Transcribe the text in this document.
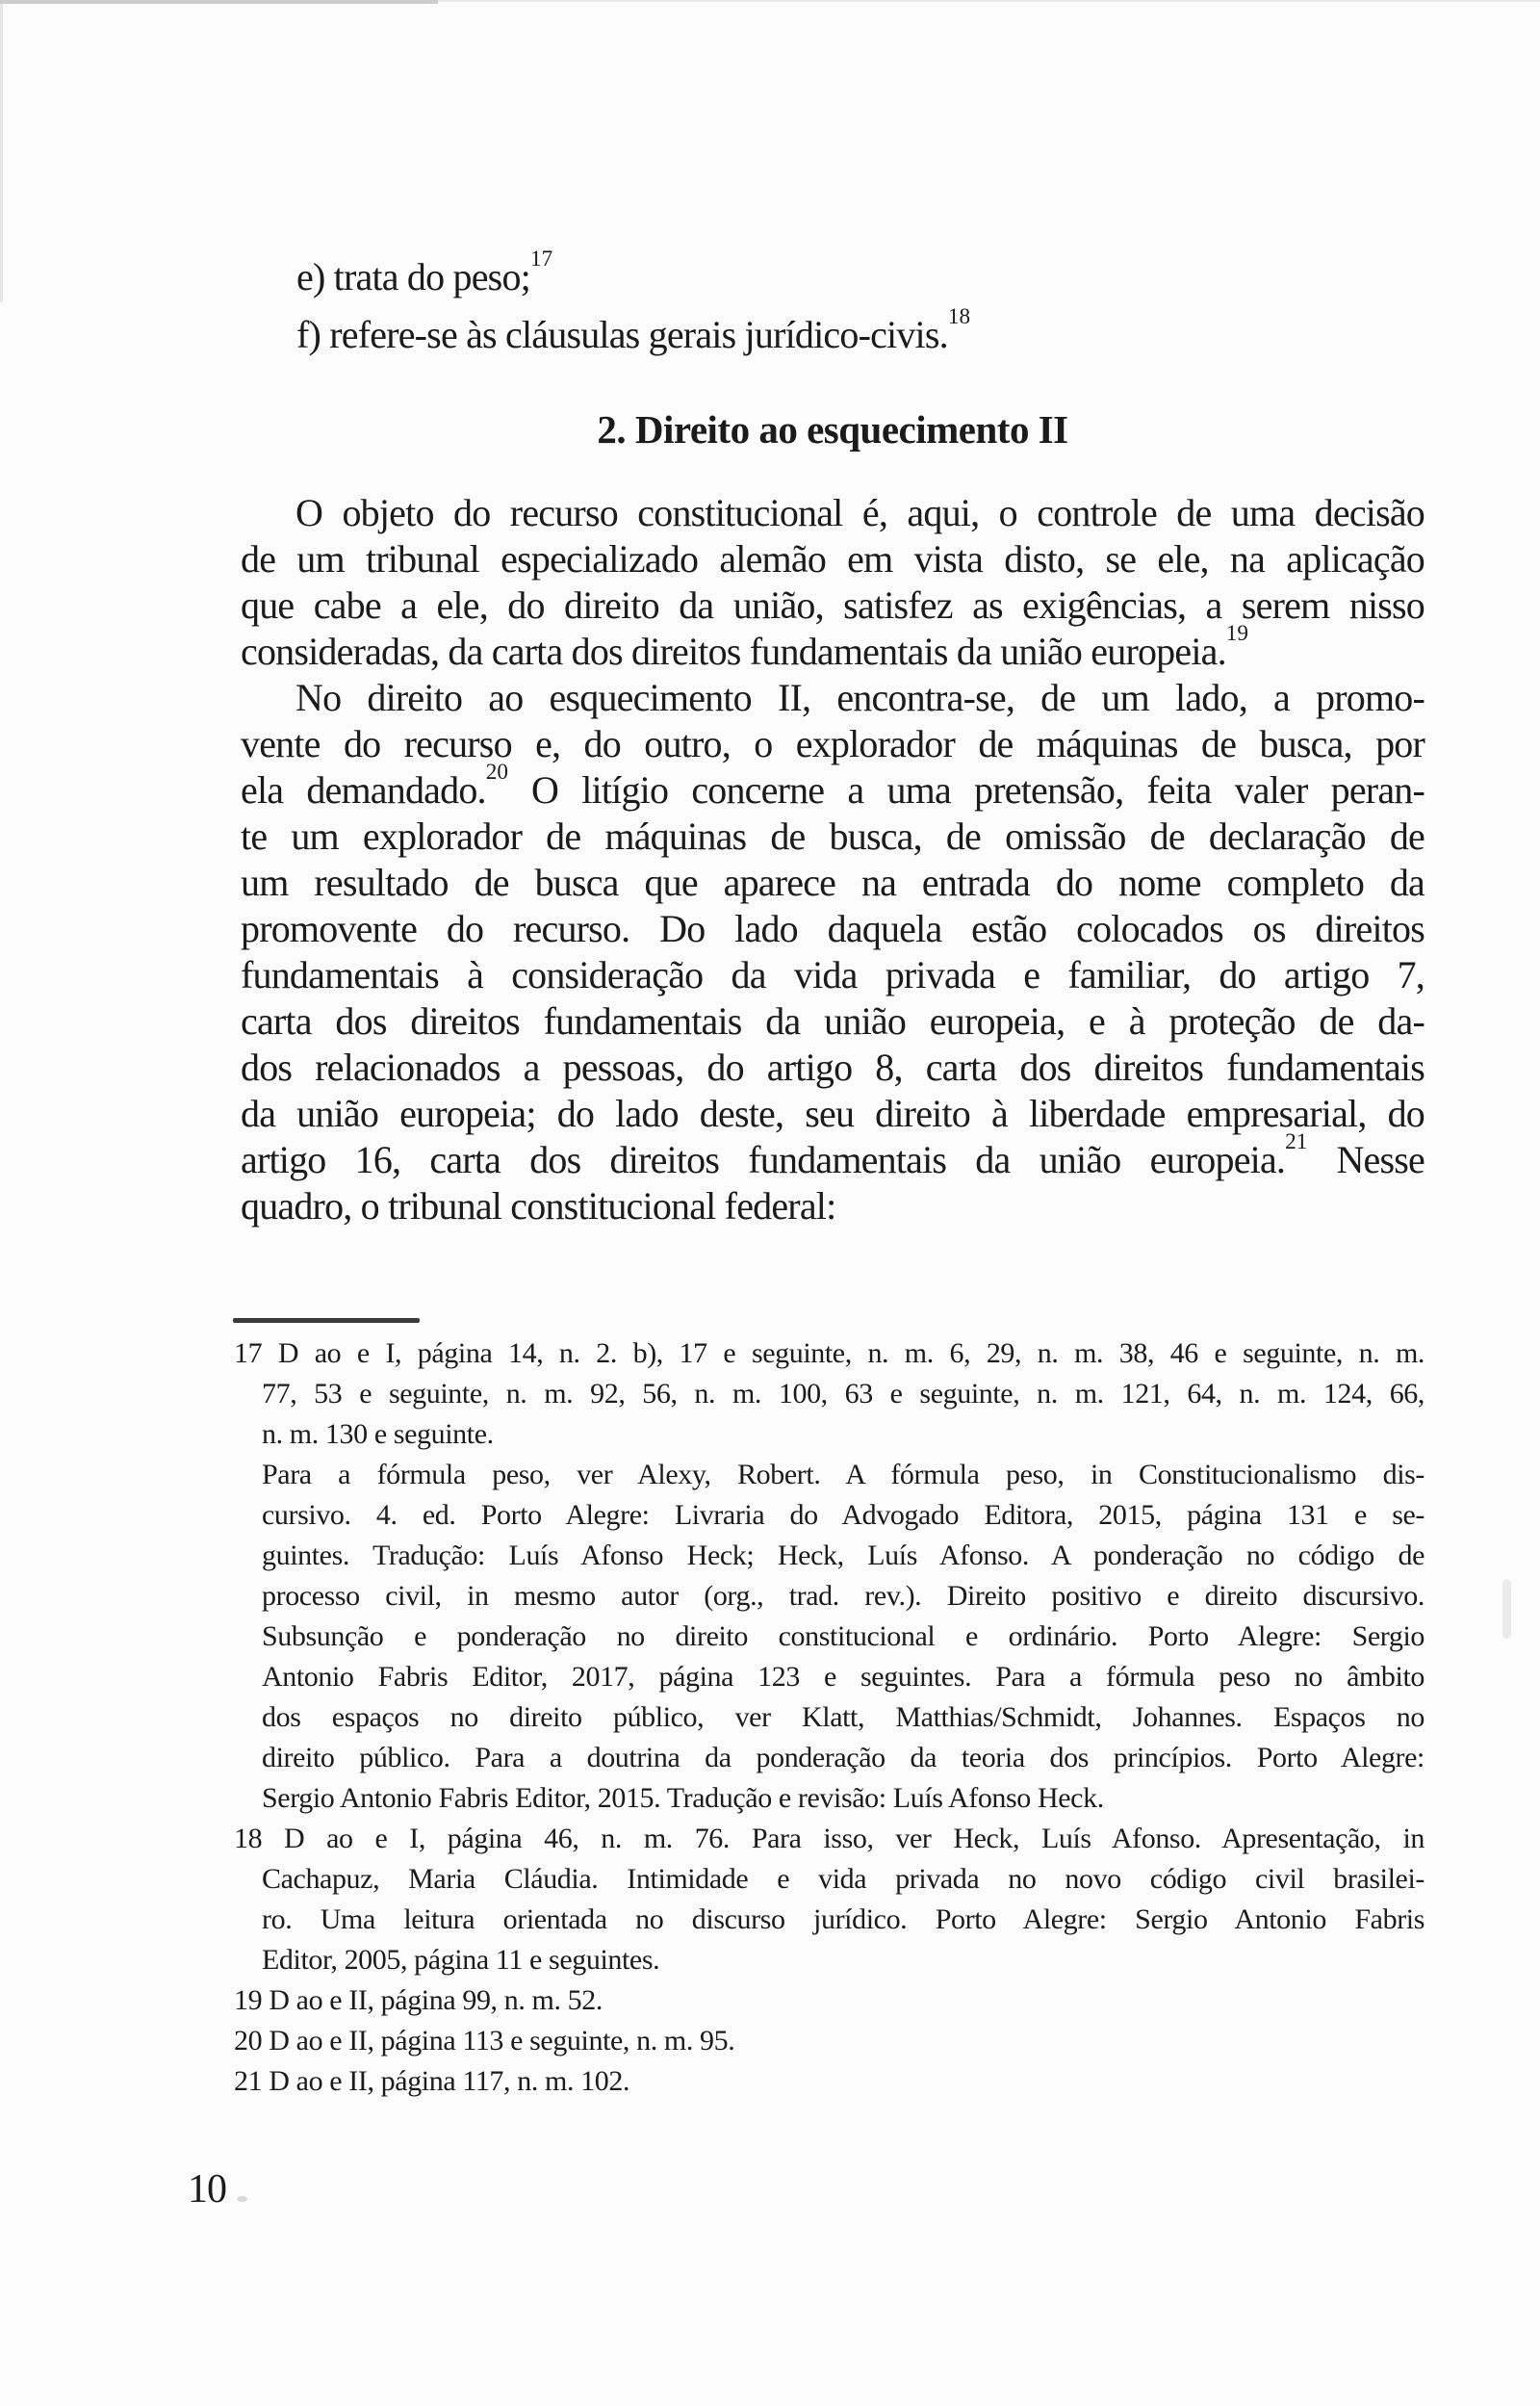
e) trata do peso;$^{17}$
f) refere-se às cláusulas gerais jurídico-civis.$^{18}$
2. Direito ao esquecimento II
O objeto do recurso constitucional é, aqui, o controle de uma decisão
de um tribunal especializado alemão em vista disto, se ele, na aplicação
que cabe a ele, do direito da união, satisfez as exigências, a serem nisso
consideradas, da carta dos direitos fundamentais da união europeia.$^{19}$
No direito ao esquecimento II, encontra-se, de um lado, a promo-
vente do recurso e, do outro, o explorador de máquinas de busca, por
ela demandado.$^{20}$ O litígio concerne a uma pretensão, feita valer peran-
te um explorador de máquinas de busca, de omissão de declaração de
um resultado de busca que aparece na entrada do nome completo da
promovente do recurso. Do lado daquela estão colocados os direitos
fundamentais à consideração da vida privada e familiar, do artigo 7,
carta dos direitos fundamentais da união europeia, e à proteção de da-
dos relacionados a pessoas, do artigo 8, carta dos direitos fundamentais
da união europeia; do lado deste, seu direito à liberdade empresarial, do
artigo 16, carta dos direitos fundamentais da união europeia.$^{21}$ Nesse
quadro, o tribunal constitucional federal:
17 D ao e I, página 14, n. 2. b), 17 e seguinte, n. m. 6, 29, n. m. 38, 46 e seguinte, n. m.
77, 53 e seguinte, n. m. 92, 56, n. m. 100, 63 e seguinte, n. m. 121, 64, n. m. 124, 66,
n. m. 130 e seguinte.
Para a fórmula peso, ver Alexy, Robert. A fórmula peso, in Constitucionalismo dis-
cursivo. 4. ed. Porto Alegre: Livraria do Advogado Editora, 2015, página 131 e se-
guintes. Tradução: Luís Afonso Heck; Heck, Luís Afonso. A ponderação no código de
processo civil, in mesmo autor (org., trad. rev.). Direito positivo e direito discursivo.
Subsunção e ponderação no direito constitucional e ordinário. Porto Alegre: Sergio
Antonio Fabris Editor, 2017, página 123 e seguintes. Para a fórmula peso no âmbito
dos espaços no direito público, ver Klatt, Matthias/Schmidt, Johannes. Espaços no
direito público. Para a doutrina da ponderação da teoria dos princípios. Porto Alegre:
Sergio Antonio Fabris Editor, 2015. Tradução e revisão: Luís Afonso Heck.
18 D ao e I, página 46, n. m. 76. Para isso, ver Heck, Luís Afonso. Apresentação, in
Cachapuz, Maria Cláudia. Intimidade e vida privada no novo código civil brasilei-
ro. Uma leitura orientada no discurso jurídico. Porto Alegre: Sergio Antonio Fabris
Editor, 2005, página 11 e seguintes.
19 D ao e II, página 99, n. m. 52.
20 D ao e II, página 113 e seguinte, n. m. 95.
21 D ao e II, página 117, n. m. 102.
10
